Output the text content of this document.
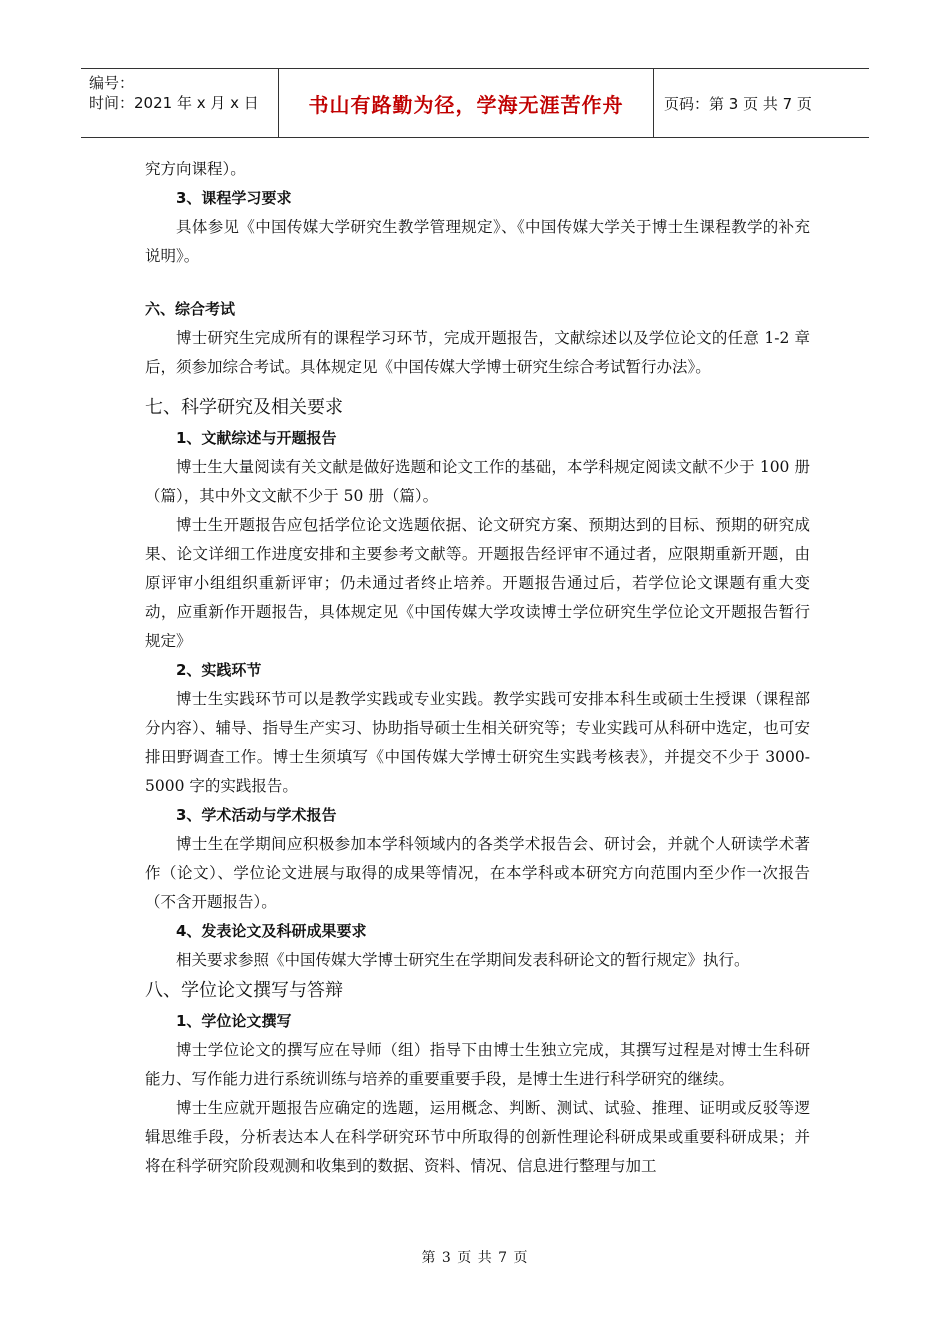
编号：
时间：2021 年 x 月 x 日	书山有路勤为径，学海无涯苦作舟	页码：第 3 页 共 7 页

究方向课程）。

3、课程学习要求

具体参见《中国传媒大学研究生教学管理规定》、《中国传媒大学关于博士生课程教学的补充说明》。

六、综合考试

博士研究生完成所有的课程学习环节，完成开题报告，文献综述以及学位论文的任意 1-2 章后，须参加综合考试。具体规定见《中国传媒大学博士研究生综合考试暂行办法》。

七、科学研究及相关要求

1、文献综述与开题报告

博士生大量阅读有关文献是做好选题和论文工作的基础，本学科规定阅读文献不少于 100 册（篇），其中外文文献不少于 50 册（篇）。

博士生开题报告应包括学位论文选题依据、论文研究方案、预期达到的目标、预期的研究成果、论文详细工作进度安排和主要参考文献等。开题报告经评审不通过者，应限期重新开题，由原评审小组组织重新评审；仍未通过者终止培养。开题报告通过后，若学位论文课题有重大变动，应重新作开题报告，具体规定见《中国传媒大学攻读博士学位研究生学位论文开题报告暂行规定》

2、实践环节

博士生实践环节可以是教学实践或专业实践。教学实践可安排本科生或硕士生授课（课程部分内容）、辅导、指导生产实习、协助指导硕士生相关研究等；专业实践可从科研中选定，也可安排田野调查工作。博士生须填写《中国传媒大学博士研究生实践考核表》，并提交不少于 3000-5000 字的实践报告。

3、学术活动与学术报告

博士生在学期间应积极参加本学科领域内的各类学术报告会、研讨会，并就个人研读学术著作（论文）、学位论文进展与取得的成果等情况，在本学科或本研究方向范围内至少作一次报告（不含开题报告）。

4、发表论文及科研成果要求

相关要求参照《中国传媒大学博士研究生在学期间发表科研论文的暂行规定》执行。

八、学位论文撰写与答辩

1、学位论文撰写

博士学位论文的撰写应在导师（组）指导下由博士生独立完成，其撰写过程是对博士生科研能力、写作能力进行系统训练与培养的重要重要手段，是博士生进行科学研究的继续。

博士生应就开题报告应确定的选题，运用概念、判断、测试、试验、推理、证明或反驳等逻辑思维手段，分析表达本人在科学研究环节中所取得的创新性理论科研成果或重要科研成果；并将在科学研究阶段观测和收集到的数据、资料、情况、信息进行整理与加工

第 3 页 共 7 页
